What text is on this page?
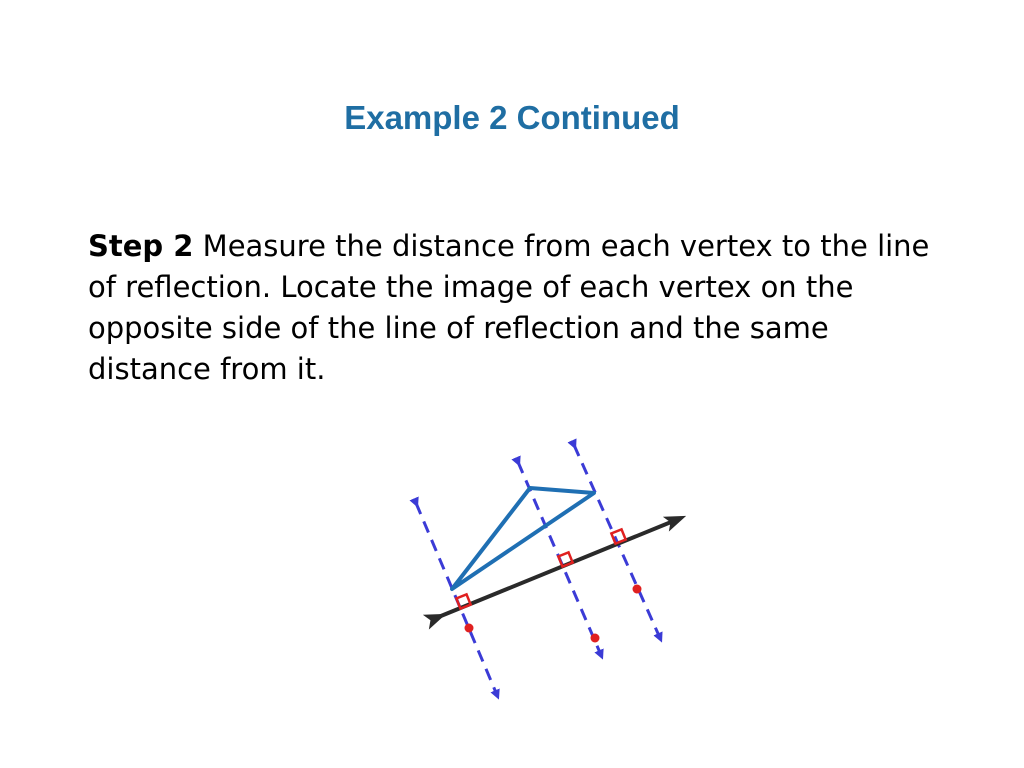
Example 2 Continued
Step 2 Measure the distance from each vertex to the line of reflection. Locate the image of each vertex on the opposite side of the line of reflection and the same distance from it.
